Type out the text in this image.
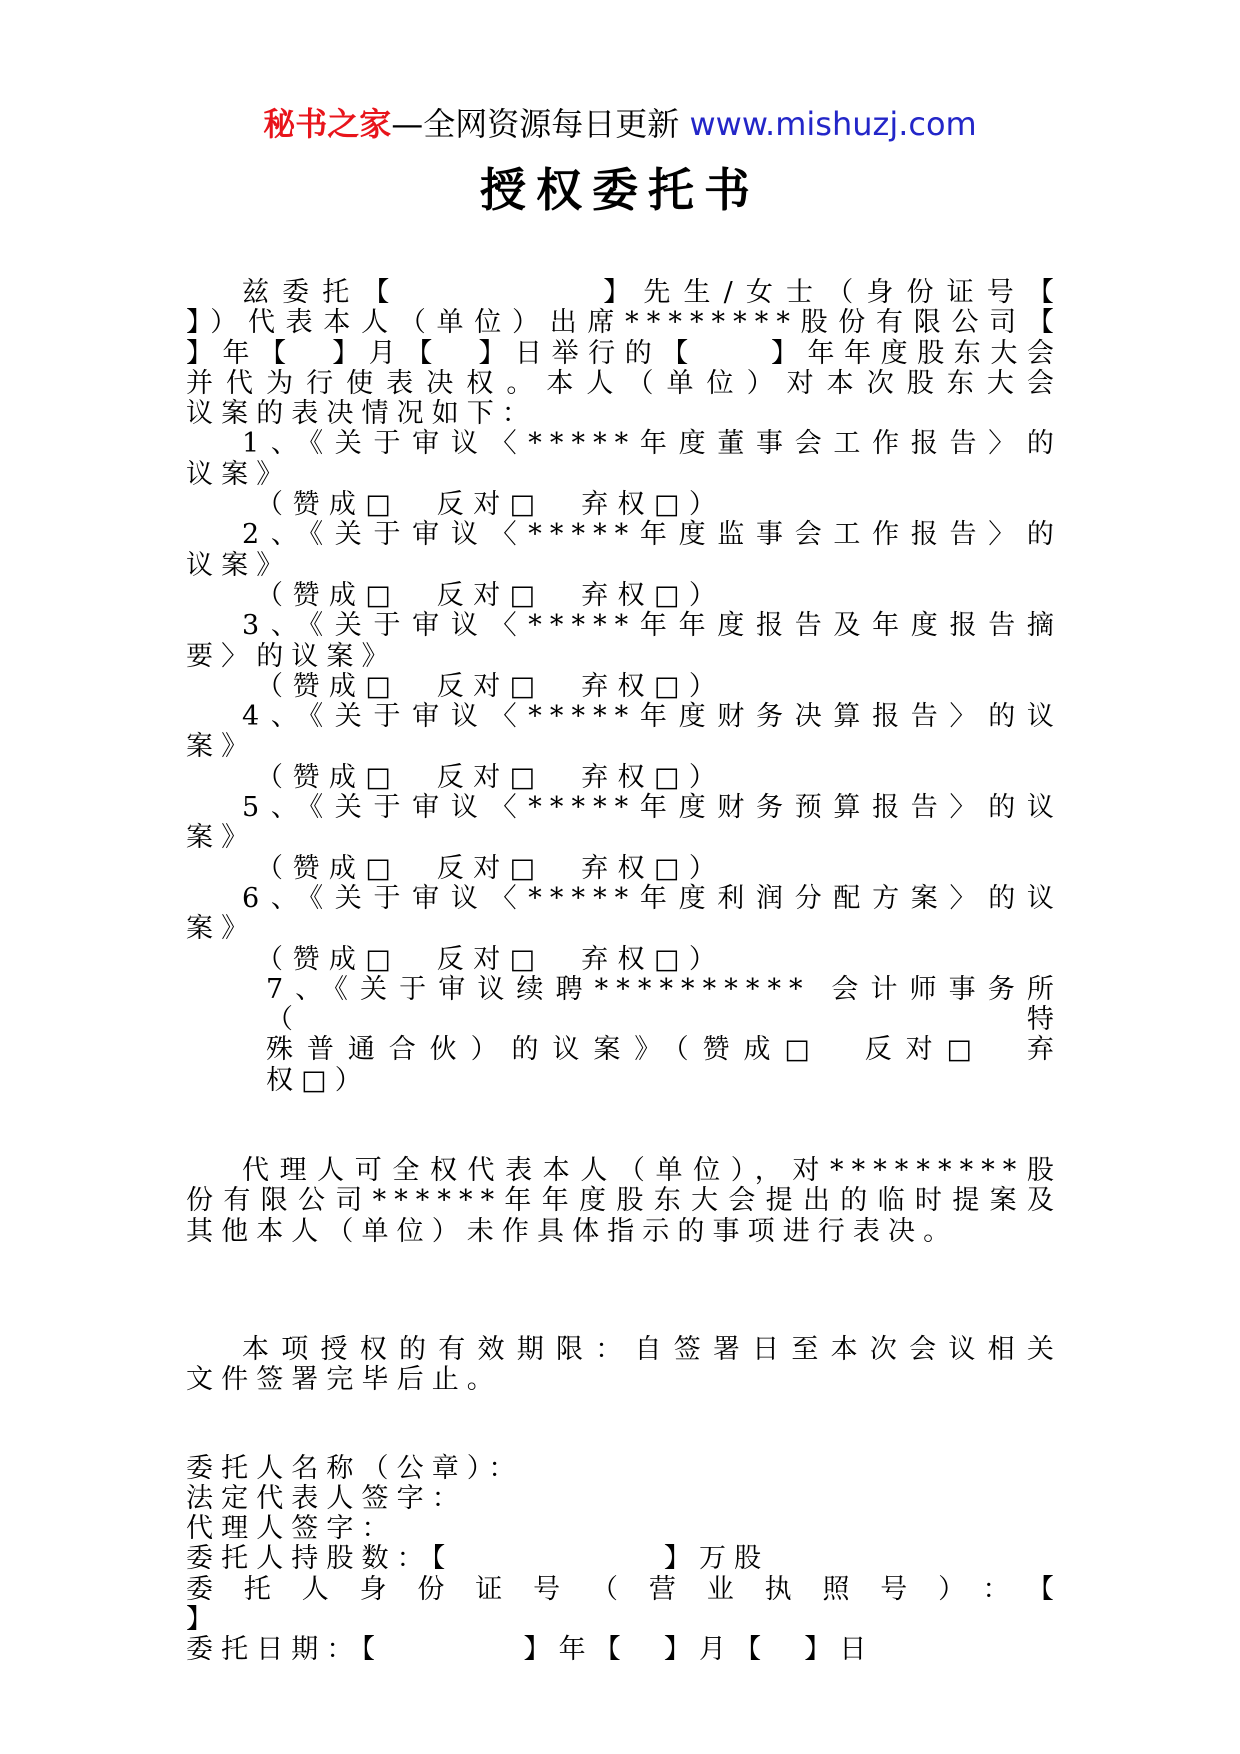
秘书之家—全网资源每日更新 www.mishuzj.com
授权委托书
兹委托【　　　　　】先生/女士（身份证号【
】）代表本人（单位）出席********股份有限公司【
】年【　】月【　】日举行的【　　】年年度股东大会
并代为行使表决权。本人（单位）对本次股东大会
议案的表决情况如下：
1、《关于审议〈*****年度董事会工作报告〉的
议案》
（赞成□　反对□　弃权□）
2、《关于审议〈*****年度监事会工作报告〉的
议案》
（赞成□　反对□　弃权□）
3、《关于审议〈*****年年度报告及年度报告摘
要〉的议案》
（赞成□　反对□　弃权□）
4、《关于审议〈*****年度财务决算报告〉的议
案》
（赞成□　反对□　弃权□）
5、《关于审议〈*****年度财务预算报告〉的议
案》
（赞成□　反对□　弃权□）
6、《关于审议〈*****年度利润分配方案〉的议
案》
（赞成□　反对□　弃权□）
7、《关于审议续聘********** 会计师事务所（特
殊普通合伙）的议案》（赞成□　反对□　弃
权□）
代理人可全权代表本人（单位），对*********股
份有限公司******年年度股东大会提出的临时提案及
其他本人（单位）未作具体指示的事项进行表决。
本项授权的有效期限：自签署日至本次会议相关
文件签署完毕后止。
委托人名称（公章）：
法定代表人签字：
代理人签字：
委托人持股数：【　　　　　　】万股
委托人身份证号（营业执照号）：【
】
委托日期：【　　　　】年【　】月【　】日
